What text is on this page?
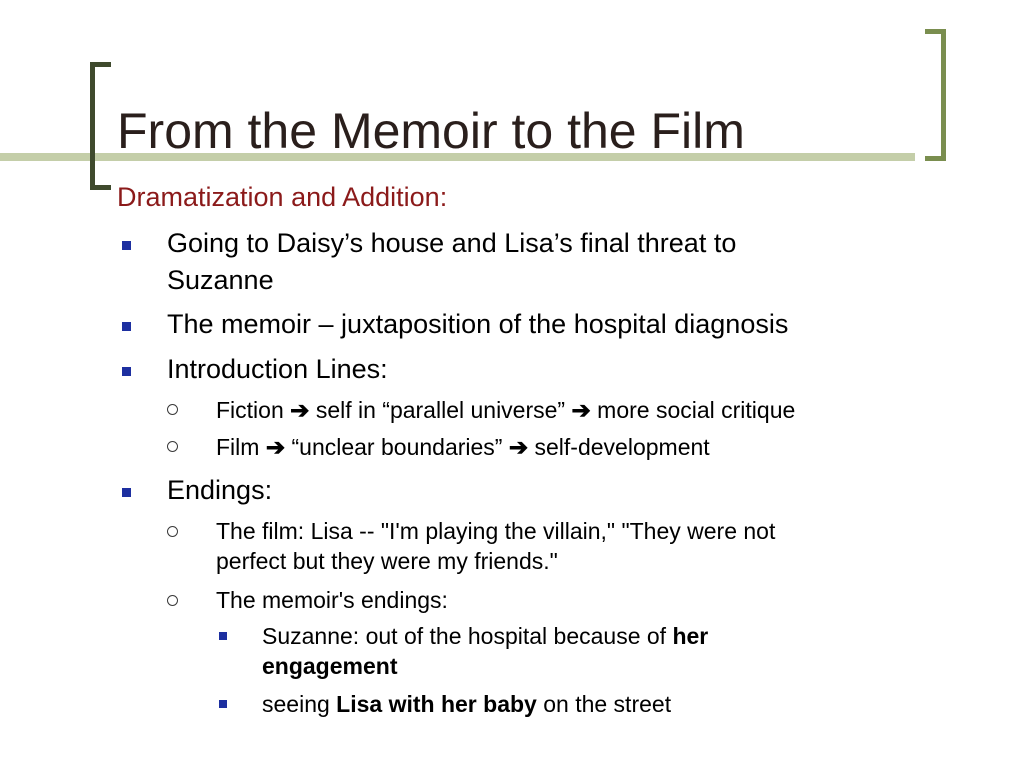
From the Memoir to the Film
Dramatization and Addition:
Going to Daisy’s house and Lisa’s final threat to
Suzanne
The memoir – juxtaposition of the hospital diagnosis
Introduction Lines:
Fiction ➔ self in “parallel universe” ➔ more social critique
Film ➔ “unclear boundaries” ➔ self-development
Endings:
The film: Lisa -- "I'm playing the villain," "They were not
perfect but they were my friends."
The memoir's endings:
Suzanne: out of the hospital because of her
engagement
seeing Lisa with her baby on the street
